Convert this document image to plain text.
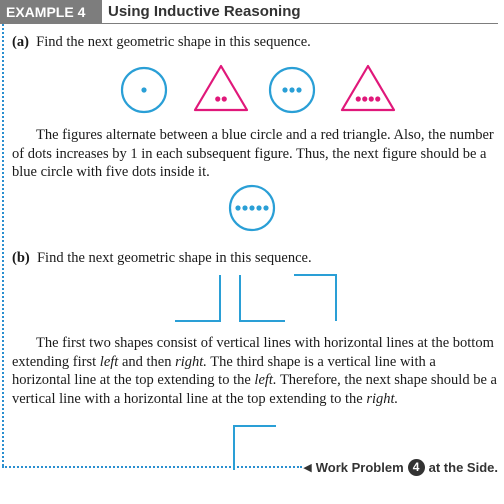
EXAMPLE 4	Using Inductive Reasoning
(a) Find the next geometric shape in this sequence.
The figures alternate between a blue circle and a red triangle. Also, the number of dots increases by 1 in each subsequent figure. Thus, the next figure should be a blue circle with five dots inside it.
(b) Find the next geometric shape in this sequence.
The first two shapes consist of vertical lines with horizontal lines at the bottom extending first left and then right. The third shape is a vertical line with a horizontal line at the top extending to the left. Therefore, the next shape should be a vertical line with a horizontal line at the top extending to the right.
◀ Work Problem 4 at the Side.
